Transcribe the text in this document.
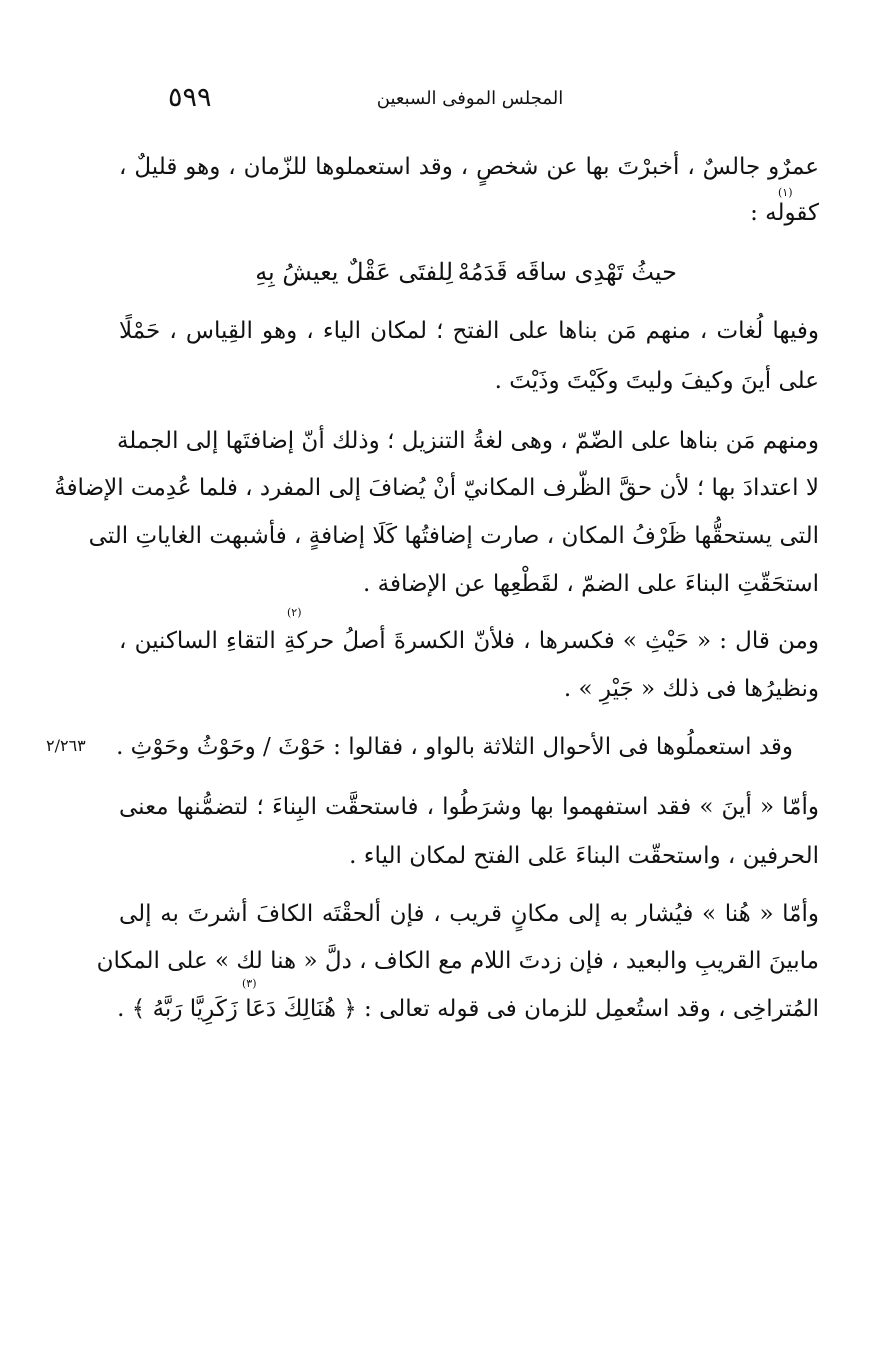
٥٩٩	المجلس الموفى السبعين
عمرٌو جالسٌ ، أخبرْتَ بها عن شخصٍ ، وقد استعملوها للزّمان ، وهو قليلٌ ،
(١)
كقوله :
لِلفتَى عَقْلٌ يعيشُ بِهِ حيثُ تَهْدِى ساقَه قَدَمُهْ
وفيها لُغات ، منهم مَن بناها على الفتح ؛ لمكان الياء ، وهو القِياس ، حَمْلًا
على أينَ وكيفَ وليتَ وكَيْتَ وذَيْتَ .
ومنهم مَن بناها على الضّمّ ، وهى لغةُ التنزيل ؛ وذلك أنّ إضافتَها إلى الجملة
لا اعتدادَ بها ؛ لأن حقَّ الظّرف المكانيّ أنْ يُضافَ إلى المفرد ، فلما عُدِمت الإضافةُ
التى يستحقُّها ظَرْفُ المكان ، صارت إضافتُها كَلَا إضافةٍ ، فأشبهت الغاياتِ التى
استحَقّتِ البناءَ على الضمّ ، لقَطْعِها عن الإضافة .
(٢)
ومن قال : « حَيْثِ » فكسرها ، فلأنّ الكسرةَ أصلُ حركةِ التقاءِ الساكنين ،
ونظيرُها فى ذلك « جَيْرِ » .
وقد استعملُوها فى الأحوال الثلاثة بالواو ، فقالوا : حَوْثَ / وحَوْثُ وحَوْثِ .
٢/٢٦٣
وأمّا « أينَ » فقد استفهموا بها وشرَطُوا ، فاستحقَّت البِناءَ ؛ لتضمُّنها معنى
الحرفين ، واستحقّت البناءَ عَلى الفتح لمكان الياء .
وأمّا « هُنا » فيُشار به إلى مكانٍ قريب ، فإن ألحقْتَه الكافَ أشرتَ به إلى
مابينَ القريبِ والبعيد ، فإن زدتَ اللام مع الكاف ، دلَّ « هنا لك » على المكان
(٣)
المُتراخِى ، وقد استُعمِل للزمان فى قوله تعالى : ﴿ هُنَالِكَ دَعَا زَكَرِيَّا رَبَّهُ ﴾ .
